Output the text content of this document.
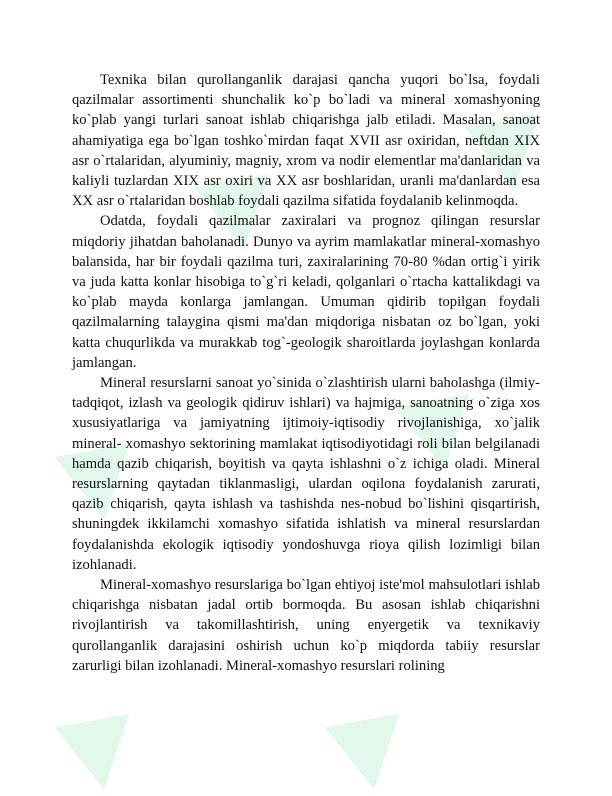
Texnika bilan qurollanganlik darajasi qancha yuqori bo`lsa, foydali qazilmalar assortimenti shunchalik ko`p bo`ladi va mineral xomashyoning ko`plab yangi turlari sanoat ishlab chiqarishga jalb etiladi. Masalan, sanoat ahamiyatiga ega bo`lgan toshko`mirdan faqat XVII asr oxiridan, neftdan XIX asr o`rtalaridan, alyuminiy, magniy, xrom va nodir elementlar ma'danlaridan va kaliyli tuzlardan XIX asr oxiri va XX asr boshlaridan, uranli ma'danlardan esa XX asr o`rtalaridan boshlab foydali qazilma sifatida foydalanib kelinmoqda.

Odatda, foydali qazilmalar zaxiralari va prognoz qilingan resurslar miqdoriy jihatdan baholanadi. Dunyo va ayrim mamlakatlar mineral-xomashyo balansida, har bir foydali qazilma turi, zaxiralarining 70-80 %dan ortig`i yirik va juda katta konlar hisobiga to`g`ri keladi, qolganlari o`rtacha kattalikdagi va ko`plab mayda konlarga jamlangan. Umuman qidirib topilgan foydali qazilmalarning talaygina qismi ma'dan miqdoriga nisbatan oz bo`lgan, yoki katta chuqurlikda va murakkab tog`-geologik sharoitlarda joylashgan konlarda jamlangan.

Mineral resurslarni sanoat yo`sinida o`zlashtirish ularni baholashga (ilmiy- tadqiqot, izlash va geologik qidiruv ishlari) va hajmiga, sanoatning o`ziga xos xususiyatlariga va jamiyatning ijtimoiy-iqtisodiy rivojlanishiga, xo`jalik mineral- xomashyo sektorining mamlakat iqtisodiyotidagi roli bilan belgilanadi hamda qazib chiqarish, boyitish va qayta ishlashni o`z ichiga oladi. Mineral resurslarning qaytadan tiklanmasligi, ulardan oqilona foydalanish zarurati, qazib chiqarish, qayta ishlash va tashishda nes-nobud bo`lishini qisqartirish, shuningdek ikkilamchi xomashyo sifatida ishlatish va mineral resurslardan foydalanishda ekologik iqtisodiy yondoshuvga rioya qilish lozimligi bilan izohlanadi.

Mineral-xomashyo resurslariga bo`lgan ehtiyoj iste'mol mahsulotlari ishlab chiqarishga nisbatan jadal ortib bormoqda. Bu asosan ishlab chiqarishni rivojlantirish va takomillashtirish, uning enyergetik va texnikaviy qurollanganlik darajasini oshirish uchun ko`p miqdorda tabiiy resurslar zarurligi bilan izohlanadi. Mineral-xomashyo resurslari rolining
